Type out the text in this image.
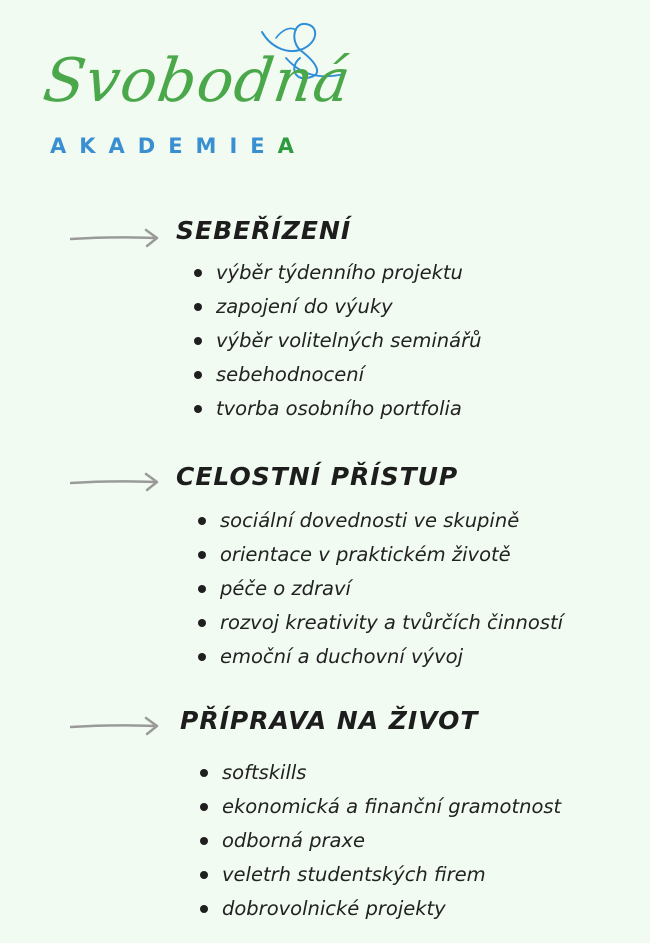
Svobodná
AKADEMIEA
SEBEŘÍZENÍ
výběr týdenního projektu
zapojení do výuky
výběr volitelných seminářů
sebehodnocení
tvorba osobního portfolia
CELOSTNÍ PŘÍSTUP
sociální dovednosti ve skupině
orientace v praktickém životě
péče o zdraví
rozvoj kreativity a tvůrčích činností
emoční a duchovní vývoj
PŘÍPRAVA NA ŽIVOT
softskills
ekonomická a finanční gramotnost
odborná praxe
veletrh studentských firem
dobrovolnické projekty
